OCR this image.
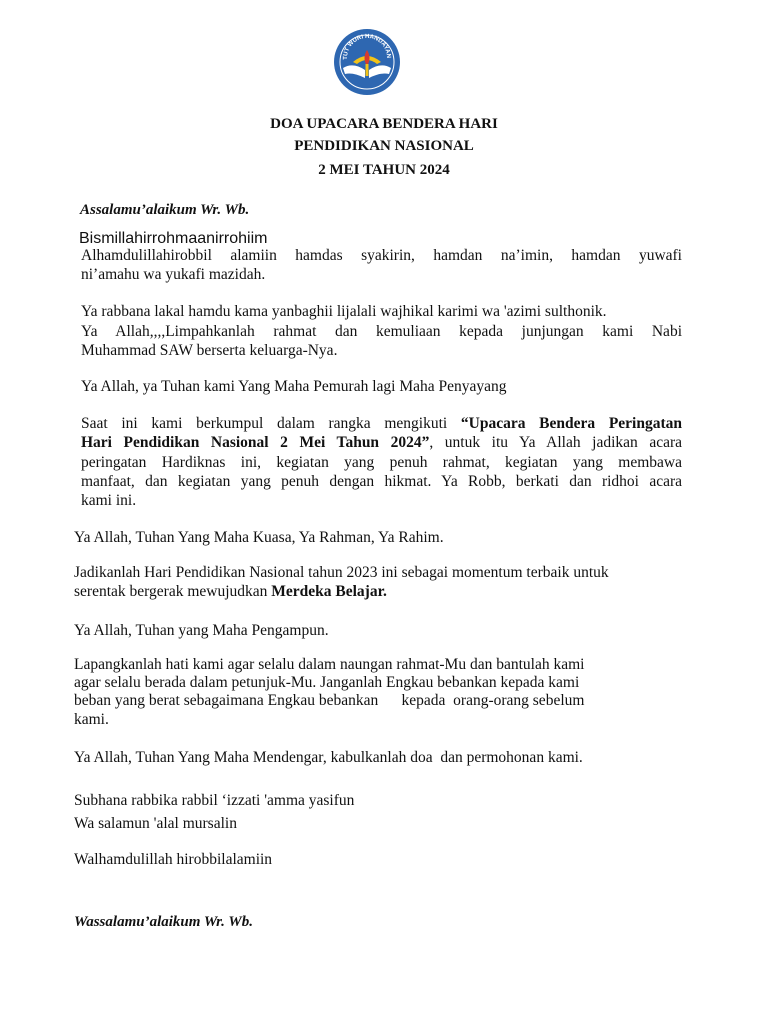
TUT WURI HANDAYAN
DOA UPACARA BENDERA HARI
PENDIDIKAN NASIONAL
2 MEI TAHUN 2024
Assalamu’alaikum Wr. Wb.
Bismillahirrohmaanirrohiim
Alhamdulillahirobbil alamiin hamdas syakirin, hamdan na’imin, hamdan yuwafi
ni’amahu wa yukafi mazidah.
Ya rabbana lakal hamdu kama yanbaghii lijalali wajhikal karimi wa 'azimi sulthonik.
Ya Allah,,,,Limpahkanlah rahmat dan kemuliaan kepada junjungan kami Nabi
Muhammad SAW berserta keluarga-Nya.
Ya Allah, ya Tuhan kami Yang Maha Pemurah lagi Maha Penyayang
Saat ini kami berkumpul dalam rangka mengikuti “Upacara Bendera Peringatan
Hari Pendidikan Nasional 2 Mei Tahun 2024”, untuk itu Ya Allah jadikan acara
peringatan Hardiknas ini, kegiatan yang penuh rahmat, kegiatan yang membawa
manfaat, dan kegiatan yang penuh dengan hikmat. Ya Robb, berkati dan ridhoi acara
kami ini.
Ya Allah, Tuhan Yang Maha Kuasa, Ya Rahman, Ya Rahim.
Jadikanlah Hari Pendidikan Nasional tahun 2023 ini sebagai momentum terbaik untuk
serentak bergerak mewujudkan Merdeka Belajar.
Ya Allah, Tuhan yang Maha Pengampun.
Lapangkanlah hati kami agar selalu dalam naungan rahmat-Mu dan bantulah kami
agar selalu berada dalam petunjuk-Mu. Janganlah Engkau bebankan kepada kami
beban yang berat sebagaimana Engkau bebankan      kepada  orang-orang sebelum
kami.
Ya Allah, Tuhan Yang Maha Mendengar, kabulkanlah doa  dan permohonan kami.
Subhana rabbika rabbil ‘izzati 'amma yasifun
Wa salamun 'alal mursalin
Walhamdulillah hirobbilalamiin
Wassalamu’alaikum Wr. Wb.
